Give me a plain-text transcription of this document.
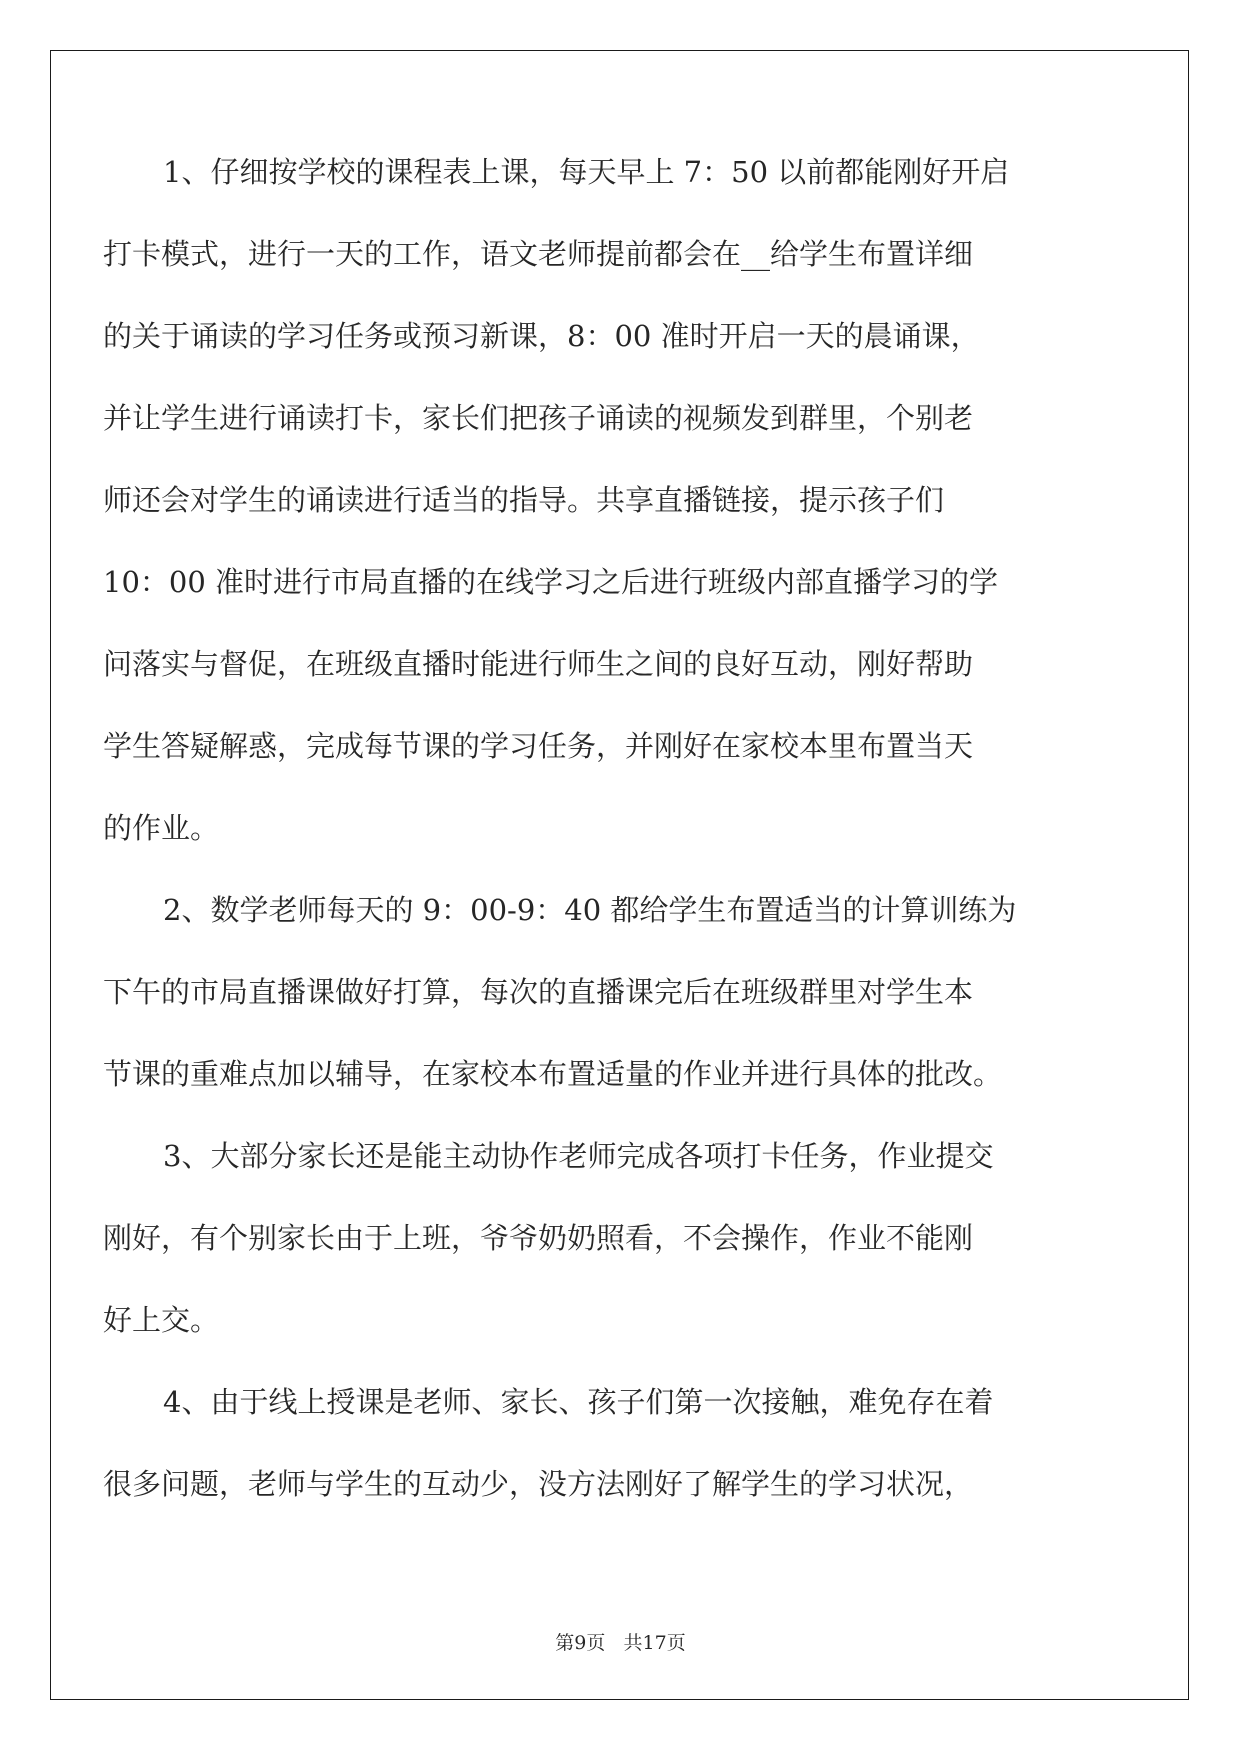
1、仔细按学校的课程表上课，每天早上 7：50 以前都能刚好开启
打卡模式，进行一天的工作，语文老师提前都会在__给学生布置详细
的关于诵读的学习任务或预习新课，8：00 准时开启一天的晨诵课，
并让学生进行诵读打卡，家长们把孩子诵读的视频发到群里，个别老
师还会对学生的诵读进行适当的指导。共享直播链接，提示孩子们
10：00 准时进行市局直播的在线学习之后进行班级内部直播学习的学
问落实与督促，在班级直播时能进行师生之间的良好互动，刚好帮助
学生答疑解惑，完成每节课的学习任务，并刚好在家校本里布置当天
的作业。
2、数学老师每天的 9：00-9：40 都给学生布置适当的计算训练为
下午的市局直播课做好打算，每次的直播课完后在班级群里对学生本
节课的重难点加以辅导，在家校本布置适量的作业并进行具体的批改。
3、大部分家长还是能主动协作老师完成各项打卡任务，作业提交
刚好，有个别家长由于上班，爷爷奶奶照看，不会操作，作业不能刚
好上交。
4、由于线上授课是老师、家长、孩子们第一次接触，难免存在着
很多问题，老师与学生的互动少，没方法刚好了解学生的学习状况，
第9页 共17页
